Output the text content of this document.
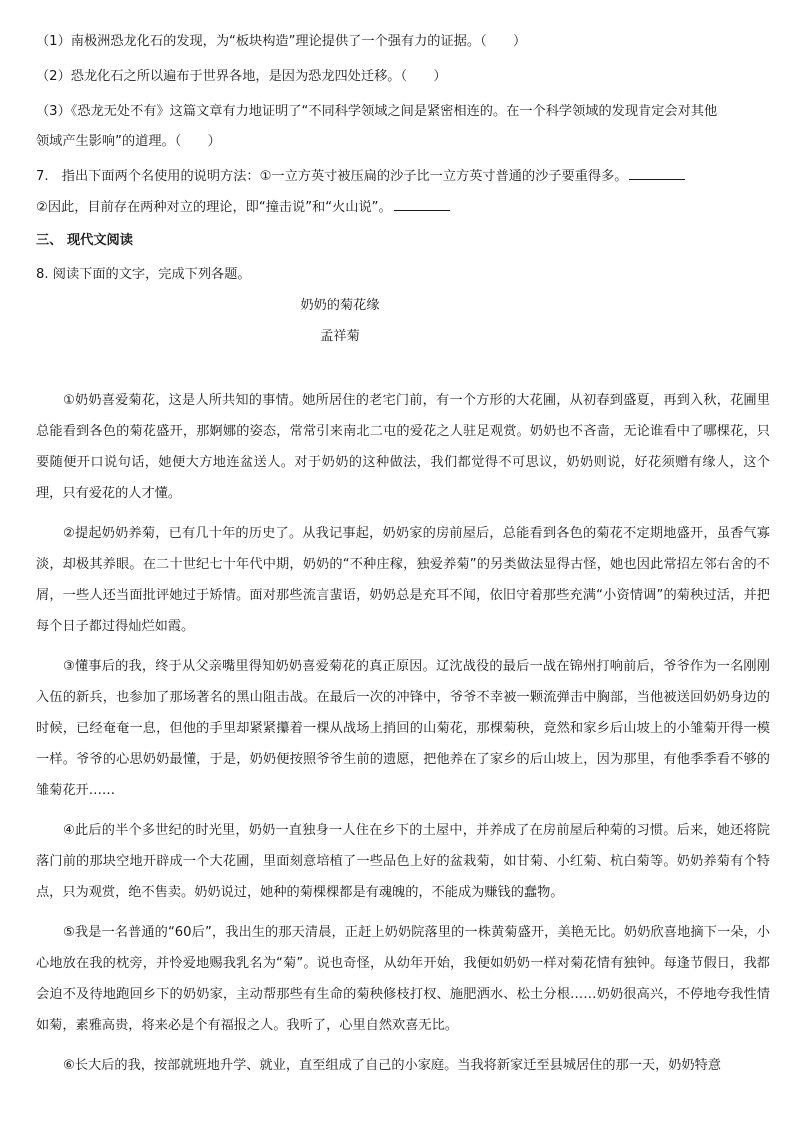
（1）南极洲恐龙化石的发现，为“板块构造”理论提供了一个强有力的证据。（　　）
（2）恐龙化石之所以遍布于世界各地，是因为恐龙四处迁移。（　　）
（3）《恐龙无处不有》这篇文章有力地证明了“不同科学领域之间是紧密相连的。在一个科学领域的发现肯定会对其他
领域产生影响”的道理。（　　）
7.　指出下面两个名使用的说明方法：①一立方英寸被压扁的沙子比一立方英寸普通的沙子要重得多。
②因此，目前存在两种对立的理论，即“撞击说”和“火山说”。
三、 现代文阅读
8. 阅读下面的文字，完成下列各题。
奶奶的菊花缘
孟祥菊

①奶奶喜爱菊花，这是人所共知的事情。她所居住的老宅门前，有一个方形的大花圃，从初春到盛夏，再到入秋，花圃里总能看到各色的菊花盛开，那婀娜的姿态，常常引来南北二屯的爱花之人驻足观赏。奶奶也不吝啬，无论谁看中了哪棵花，只要随便开口说句话，她便大方地连盆送人。对于奶奶的这种做法，我们都觉得不可思议，奶奶则说，好花须赠有缘人，这个理，只有爱花的人才懂。

②提起奶奶养菊，已有几十年的历史了。从我记事起，奶奶家的房前屋后，总能看到各色的菊花不定期地盛开，虽香气寡淡，却极其养眼。在二十世纪七十年代中期，奶奶的“不种庄稼，独爱养菊”的另类做法显得古怪，她也因此常招左邻右舍的不屑，一些人还当面批评她过于矫情。面对那些流言蜚语，奶奶总是充耳不闻，依旧守着那些充满“小资情调”的菊秧过活，并把每个日子都过得灿烂如霞。

③懂事后的我，终于从父亲嘴里得知奶奶喜爱菊花的真正原因。辽沈战役的最后一战在锦州打响前后，爷爷作为一名刚刚入伍的新兵，也参加了那场著名的黑山阻击战。在最后一次的冲锋中，爷爷不幸被一颗流弹击中胸部，当他被送回奶奶身边的时候，已经奄奄一息，但他的手里却紧紧攥着一棵从战场上捎回的山菊花，那棵菊秧，竟然和家乡后山坡上的小雏菊开得一模一样。爷爷的心思奶奶最懂，于是，奶奶便按照爷爷生前的遗愿，把他养在了家乡的后山坡上，因为那里，有他季季看不够的雏菊花开……

④此后的半个多世纪的时光里，奶奶一直独身一人住在乡下的土屋中，并养成了在房前屋后种菊的习惯。后来，她还将院落门前的那块空地开辟成一个大花圃，里面刻意培植了一些品色上好的盆栽菊，如甘菊、小红菊、杭白菊等。奶奶养菊有个特点，只为观赏，绝不售卖。奶奶说过，她种的菊棵棵都是有魂魄的，不能成为赚钱的蠢物。

⑤我是一名普通的“60后”，我出生的那天清晨，正赶上奶奶院落里的一株黄菊盛开，美艳无比。奶奶欣喜地摘下一朵，小心地放在我的枕旁，并怜爱地赐我乳名为“菊”。说也奇怪，从幼年开始，我便如奶奶一样对菊花情有独钟。每逢节假日，我都会迫不及待地跑回乡下的奶奶家，主动帮那些有生命的菊秧修枝打杈、施肥洒水、松土分根……奶奶很高兴，不停地夸我性情如菊，素雅高贵，将来必是个有福报之人。我听了，心里自然欢喜无比。

⑥长大后的我，按部就班地升学、就业，直至组成了自己的小家庭。当我将新家迁至县城居住的那一天，奶奶特意
